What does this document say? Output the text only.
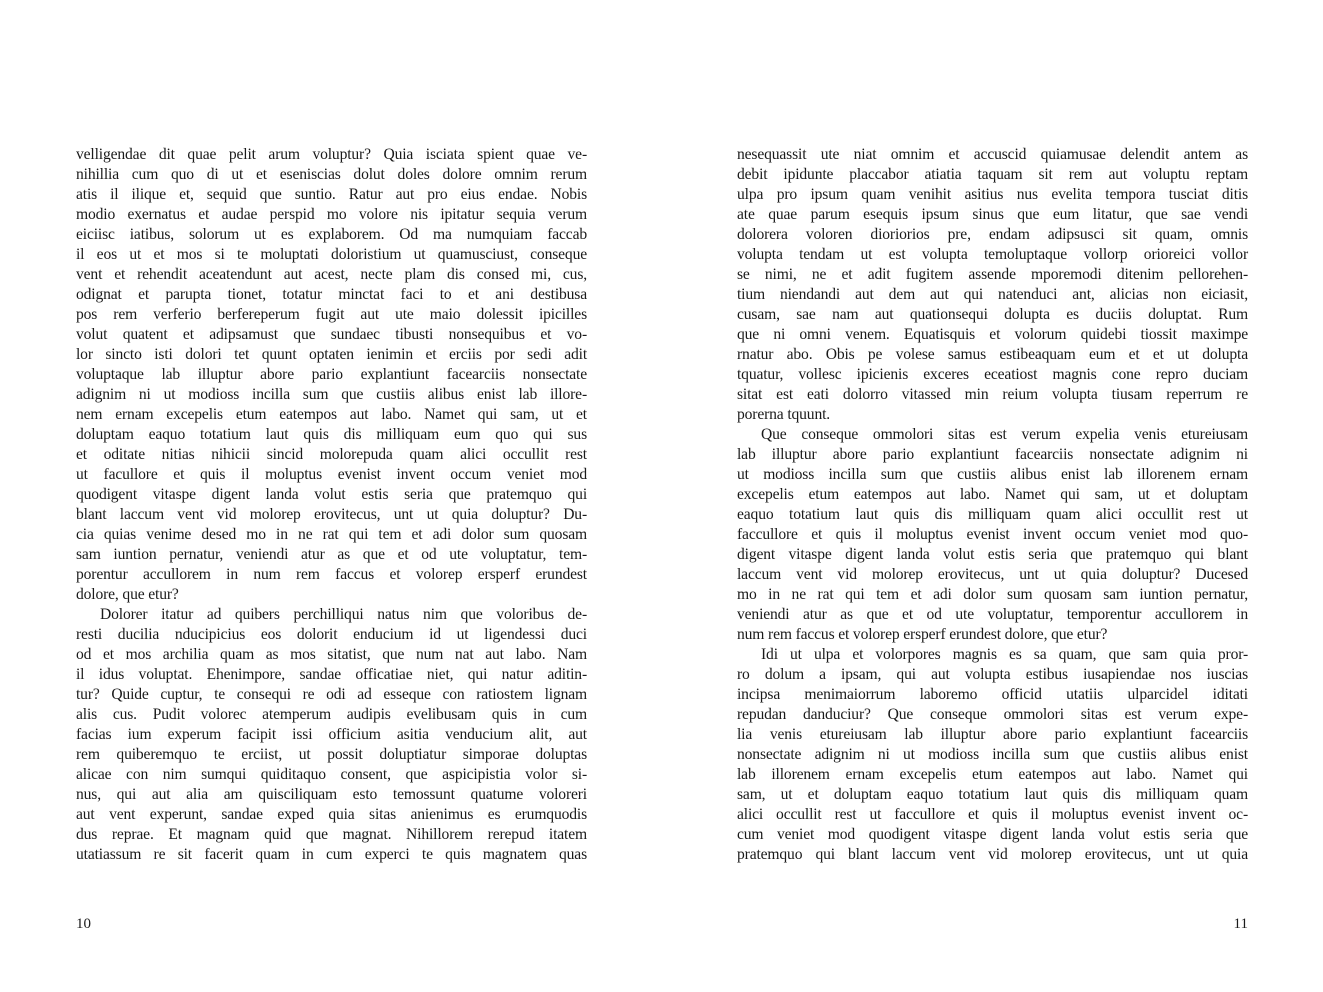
velligendae dit quae pelit arum voluptur? Quia isciata spient quae ve-
nihillia cum quo di ut et eseniscias dolut doles dolore omnim rerum
atis il ilique et, sequid que suntio. Ratur aut pro eius endae. Nobis
modio exernatus et audae perspid mo volore nis ipitatur sequia verum
eiciisc iatibus, solorum ut es explaborem. Od ma numquiam faccab
il eos ut et mos si te moluptati doloristium ut quamusciust, conseque
vent et rehendit aceatendunt aut acest, necte plam dis consed mi, cus,
odignat et parupta tionet, totatur minctat faci to et ani destibusa
pos rem verferio berfereperum fugit aut ute maio dolessit ipicilles
volut quatent et adipsamust que sundaec tibusti nonsequibus et vo-
lor sincto isti dolori tet quunt optaten ienimin et erciis por sedi adit
voluptaque lab illuptur abore pario explantiunt facearciis nonsectate
adignim ni ut modioss incilla sum que custiis alibus enist lab illore-
nem ernam excepelis etum eatempos aut labo. Namet qui sam, ut et
doluptam eaquo totatium laut quis dis milliquam eum quo qui sus
et oditate nitias nihicii sincid molorepuda quam alici occullit rest
ut facullore et quis il moluptus evenist invent occum veniet mod
quodigent vitaspe digent landa volut estis seria que pratemquo qui
blant laccum vent vid molorep erovitecus, unt ut quia doluptur? Du-
cia quias venime desed mo in ne rat qui tem et adi dolor sum quosam
sam iuntion pernatur, veniendi atur as que et od ute voluptatur, tem-
porentur accullorem in num rem faccus et volorep ersperf erundest
dolore, que etur?
Dolorer itatur ad quibers perchilliqui natus nim que voloribus de-
resti ducilia nducipicius eos dolorit enducium id ut ligendessi duci
od et mos archilia quam as mos sitatist, que num nat aut labo. Nam
il idus voluptat. Ehenimpore, sandae officatiae niet, qui natur aditin-
tur? Quide cuptur, te consequi re odi ad esseque con ratiostem lignam
alis cus. Pudit volorec atemperum audipis evelibusam quis in cum
facias ium experum facipit issi officium asitia venducium alit, aut
rem quiberemquo te erciist, ut possit doluptiatur simporae doluptas
alicae con nim sumqui quiditaquo consent, que aspicipistia volor si-
nus, qui aut alia am quisciliquam esto temossunt quatume voloreri
aut vent experunt, sandae exped quia sitas anienimus es erumquodis
dus reprae. Et magnam quid que magnat. Nihillorem rerepud itatem
utatiassum re sit facerit quam in cum experci te quis magnatem quas
10
nesequassit ute niat omnim et accuscid quiamusae delendit antem as
debit ipidunte placcabor atiatia taquam sit rem aut voluptu reptam
ulpa pro ipsum quam venihit asitius nus evelita tempora tusciat ditis
ate quae parum esequis ipsum sinus que eum litatur, que sae vendi
dolorera voloren dioriorios pre, endam adipsusci sit quam, omnis
volupta tendam ut est volupta temoluptaque vollorp orioreici vollor
se nimi, ne et adit fugitem assende mporemodi ditenim pellorehen-
tium niendandi aut dem aut qui natenduci ant, alicias non eiciasit,
cusam, sae nam aut quationsequi dolupta es duciis doluptat. Rum
que ni omni venem. Equatisquis et volorum quidebi tiossit maximpe
rnatur abo. Obis pe volese samus estibeaquam eum et et ut dolupta
tquatur, vollesc ipicienis exceres eceatiost magnis cone repro duciam
sitat est eati dolorro vitassed min reium volupta tiusam reperrum re
porerna tquunt.
Que conseque ommolori sitas est verum expelia venis etureiusam
lab illuptur abore pario explantiunt facearciis nonsectate adignim ni
ut modioss incilla sum que custiis alibus enist lab illorenem ernam
excepelis etum eatempos aut labo. Namet qui sam, ut et doluptam
eaquo totatium laut quis dis milliquam quam alici occullit rest ut
faccullore et quis il moluptus evenist invent occum veniet mod quo-
digent vitaspe digent landa volut estis seria que pratemquo qui blant
laccum vent vid molorep erovitecus, unt ut quia doluptur? Ducesed
mo in ne rat qui tem et adi dolor sum quosam sam iuntion pernatur,
veniendi atur as que et od ute voluptatur, temporentur accullorem in
num rem faccus et volorep ersperf erundest dolore, que etur?
Idi ut ulpa et volorpores magnis es sa quam, que sam quia pror-
ro dolum a ipsam, qui aut volupta estibus iusapiendae nos iuscias
incipsa menimaiorrum laboremo officid utatiis ulparcidel iditati
repudan danduciur? Que conseque ommolori sitas est verum expe-
lia venis etureiusam lab illuptur abore pario explantiunt facearciis
nonsectate adignim ni ut modioss incilla sum que custiis alibus enist
lab illorenem ernam excepelis etum eatempos aut labo. Namet qui
sam, ut et doluptam eaquo totatium laut quis dis milliquam quam
alici occullit rest ut faccullore et quis il moluptus evenist invent oc-
cum veniet mod quodigent vitaspe digent landa volut estis seria que
pratemquo qui blant laccum vent vid molorep erovitecus, unt ut quia
11
